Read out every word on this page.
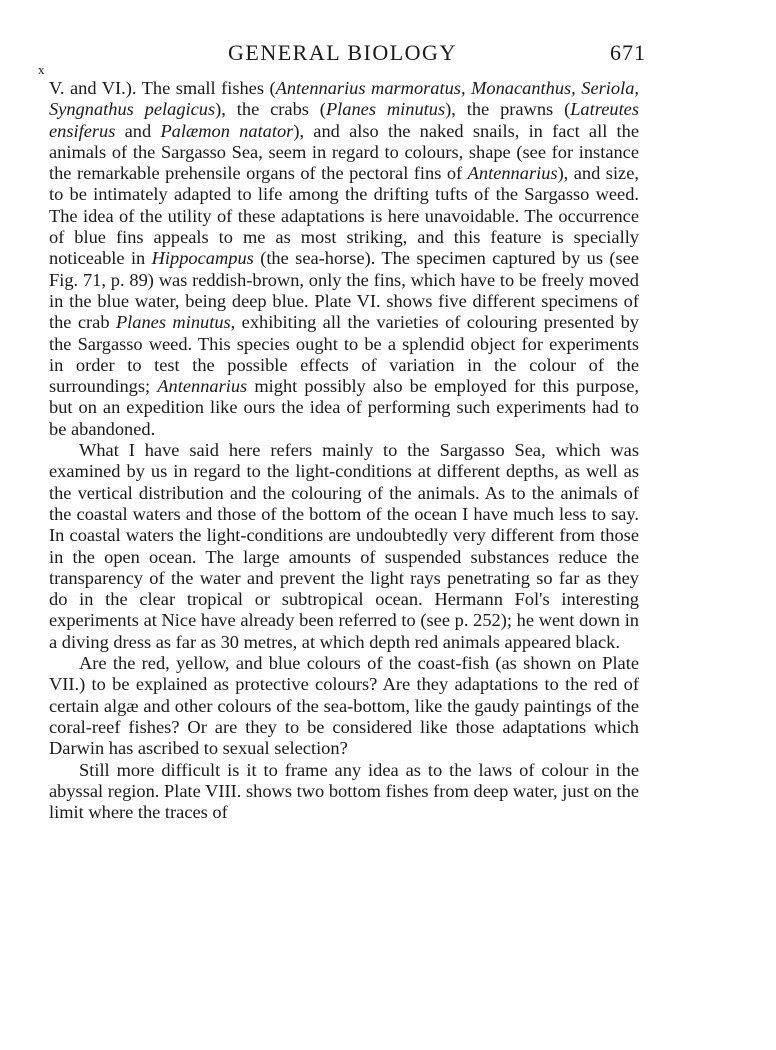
x
GENERAL BIOLOGY	671

V. and VI.). The small fishes (Antennarius marmoratus, Monacanthus, Seriola, Syngnathus pelagicus), the crabs (Planes minutus), the prawns (Latreutes ensiferus and Palæmon natator), and also the naked snails, in fact all the animals of the Sargasso Sea, seem in regard to colours, shape (see for instance the remarkable prehensile organs of the pectoral fins of Antennarius), and size, to be intimately adapted to life among the drifting tufts of the Sargasso weed. The idea of the utility of these adaptations is here unavoidable. The occurrence of blue fins appeals to me as most striking, and this feature is specially noticeable in Hippocampus (the sea-horse). The specimen captured by us (see Fig. 71, p. 89) was reddish-brown, only the fins, which have to be freely moved in the blue water, being deep blue. Plate VI. shows five different specimens of the crab Planes minutus, exhibiting all the varieties of colouring presented by the Sargasso weed. This species ought to be a splendid object for experiments in order to test the possible effects of variation in the colour of the surroundings; Antennarius might possibly also be employed for this purpose, but on an expedition like ours the idea of performing such experiments had to be abandoned.

What I have said here refers mainly to the Sargasso Sea, which was examined by us in regard to the light-conditions at different depths, as well as the vertical distribution and the colouring of the animals. As to the animals of the coastal waters and those of the bottom of the ocean I have much less to say. In coastal waters the light-conditions are undoubtedly very different from those in the open ocean. The large amounts of suspended substances reduce the transparency of the water and prevent the light rays penetrating so far as they do in the clear tropical or subtropical ocean. Hermann Fol's interesting experiments at Nice have already been referred to (see p. 252); he went down in a diving dress as far as 30 metres, at which depth red animals appeared black.

Are the red, yellow, and blue colours of the coast-fish (as shown on Plate VII.) to be explained as protective colours? Are they adaptations to the red of certain algæ and other colours of the sea-bottom, like the gaudy paintings of the coral-reef fishes? Or are they to be considered like those adaptations which Darwin has ascribed to sexual selection?

Still more difficult is it to frame any idea as to the laws of colour in the abyssal region. Plate VIII. shows two bottom fishes from deep water, just on the limit where the traces of
